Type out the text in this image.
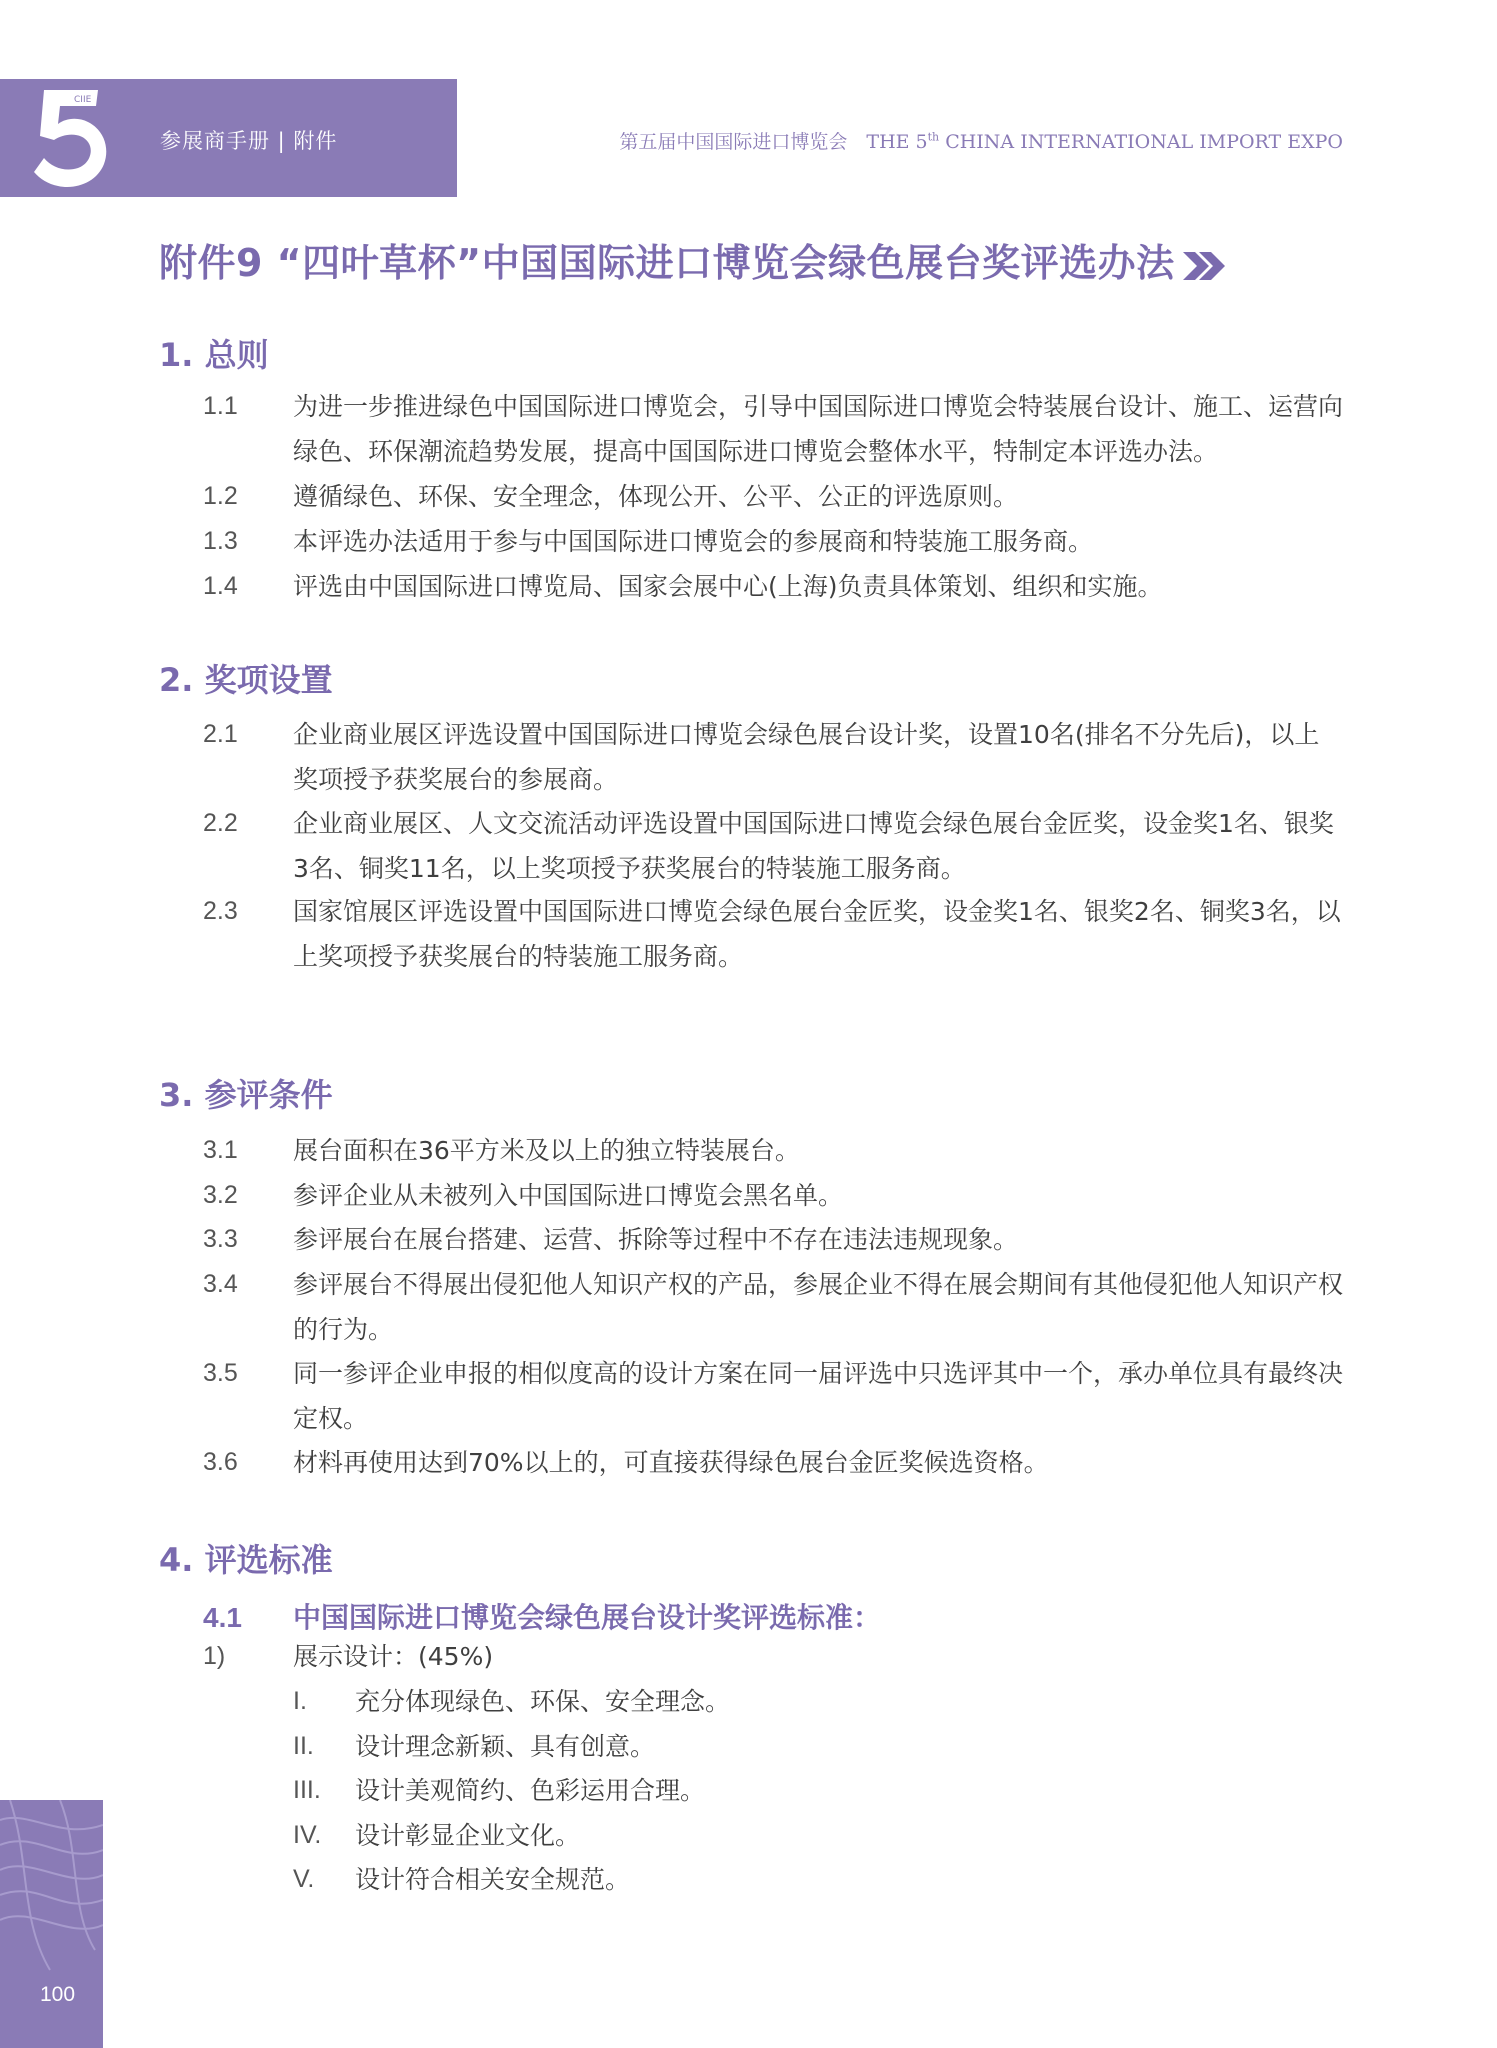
CIIE
参展商手册 | 附件	第五届中国国际进口博览会　THE 5th CHINA INTERNATIONAL IMPORT EXPO
附件9 “四叶草杯”中国国际进口博览会绿色展台奖评选办法
1. 总则
1.1	为进一步推进绿色中国国际进口博览会，引导中国国际进口博览会特装展台设计、施工、运营向绿色、环保潮流趋势发展，提高中国国际进口博览会整体水平，特制定本评选办法。
1.2	遵循绿色、环保、安全理念，体现公开、公平、公正的评选原则。
1.3	本评选办法适用于参与中国国际进口博览会的参展商和特装施工服务商。
1.4	评选由中国国际进口博览局、国家会展中心(上海)负责具体策划、组织和实施。
2. 奖项设置
2.1	企业商业展区评选设置中国国际进口博览会绿色展台设计奖，设置10名(排名不分先后)，以上奖项授予获奖展台的参展商。
2.2	企业商业展区、人文交流活动评选设置中国国际进口博览会绿色展台金匠奖，设金奖1名、银奖3名、铜奖11名，以上奖项授予获奖展台的特装施工服务商。
2.3	国家馆展区评选设置中国国际进口博览会绿色展台金匠奖，设金奖1名、银奖2名、铜奖3名，以上奖项授予获奖展台的特装施工服务商。
3. 参评条件
3.1	展台面积在36平方米及以上的独立特装展台。
3.2	参评企业从未被列入中国国际进口博览会黑名单。
3.3	参评展台在展台搭建、运营、拆除等过程中不存在违法违规现象。
3.4	参评展台不得展出侵犯他人知识产权的产品，参展企业不得在展会期间有其他侵犯他人知识产权的行为。
3.5	同一参评企业申报的相似度高的设计方案在同一届评选中只选评其中一个，承办单位具有最终决定权。
3.6	材料再使用达到70%以上的，可直接获得绿色展台金匠奖候选资格。
4. 评选标准
4.1 中国国际进口博览会绿色展台设计奖评选标准：
1)	展示设计：(45%)
I.	充分体现绿色、环保、安全理念。
II.	设计理念新颖、具有创意。
III.	设计美观简约、色彩运用合理。
IV.	设计彰显企业文化。
V.	设计符合相关安全规范。
100
